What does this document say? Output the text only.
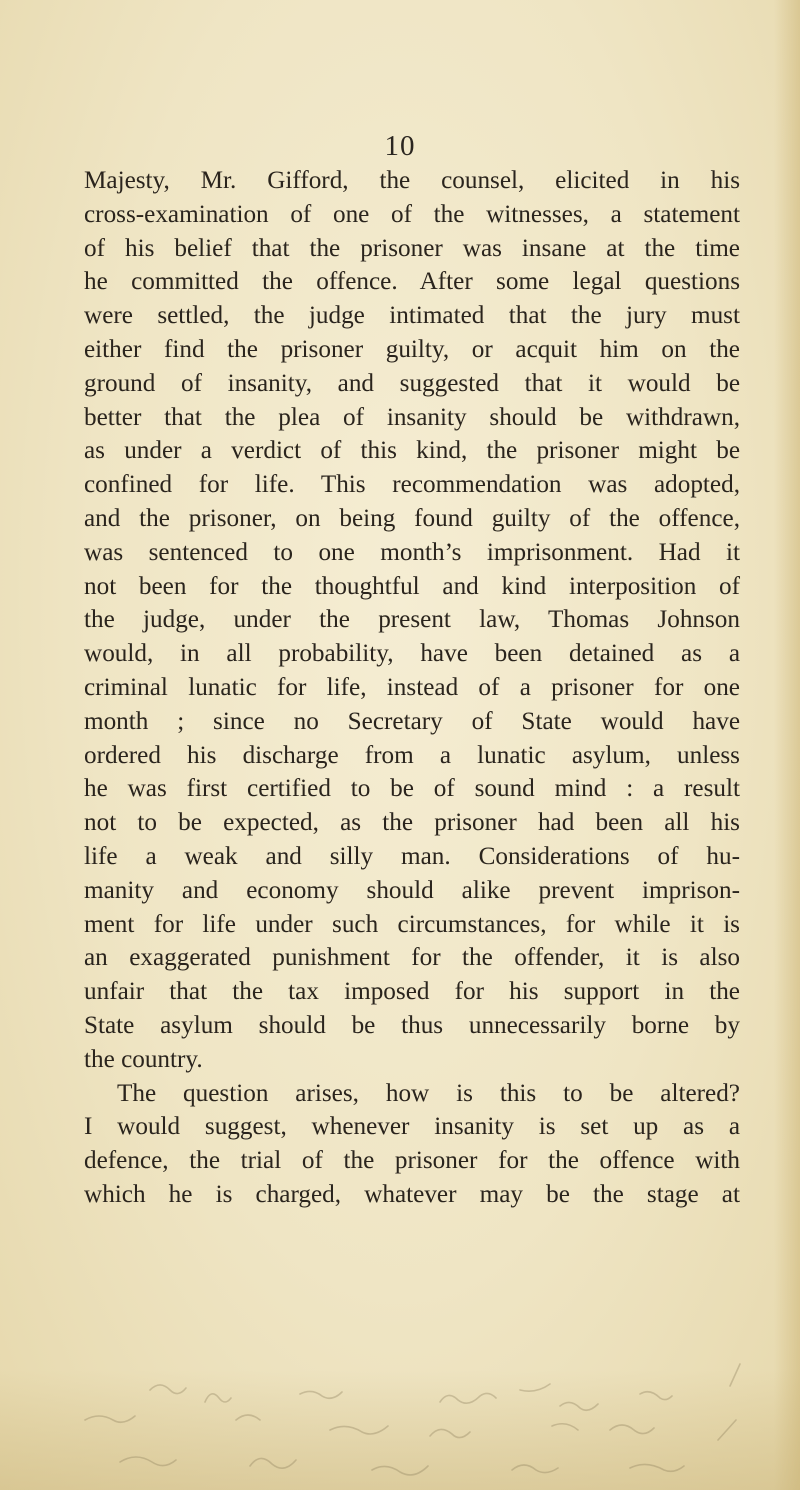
10
Majesty, Mr. Gifford, the counsel, elicited in his
cross-examination of one of the witnesses, a statement
of his belief that the prisoner was insane at the time
he committed the offence. After some legal questions
were settled, the judge intimated that the jury must
either find the prisoner guilty, or acquit him on the
ground of insanity, and suggested that it would be
better that the plea of insanity should be withdrawn,
as under a verdict of this kind, the prisoner might be
confined for life. This recommendation was adopted,
and the prisoner, on being found guilty of the offence,
was sentenced to one month’s imprisonment. Had it
not been for the thoughtful and kind interposition of
the judge, under the present law, Thomas Johnson
would, in all probability, have been detained as a
criminal lunatic for life, instead of a prisoner for one
month ; since no Secretary of State would have
ordered his discharge from a lunatic asylum, unless
he was first certified to be of sound mind : a result
not to be expected, as the prisoner had been all his
life a weak and silly man. Considerations of hu-
manity and economy should alike prevent imprison-
ment for life under such circumstances, for while it is
an exaggerated punishment for the offender, it is also
unfair that the tax imposed for his support in the
State asylum should be thus unnecessarily borne by
the country.
The question arises, how is this to be altered?
I would suggest, whenever insanity is set up as a
defence, the trial of the prisoner for the offence with
which he is charged, whatever may be the stage at
